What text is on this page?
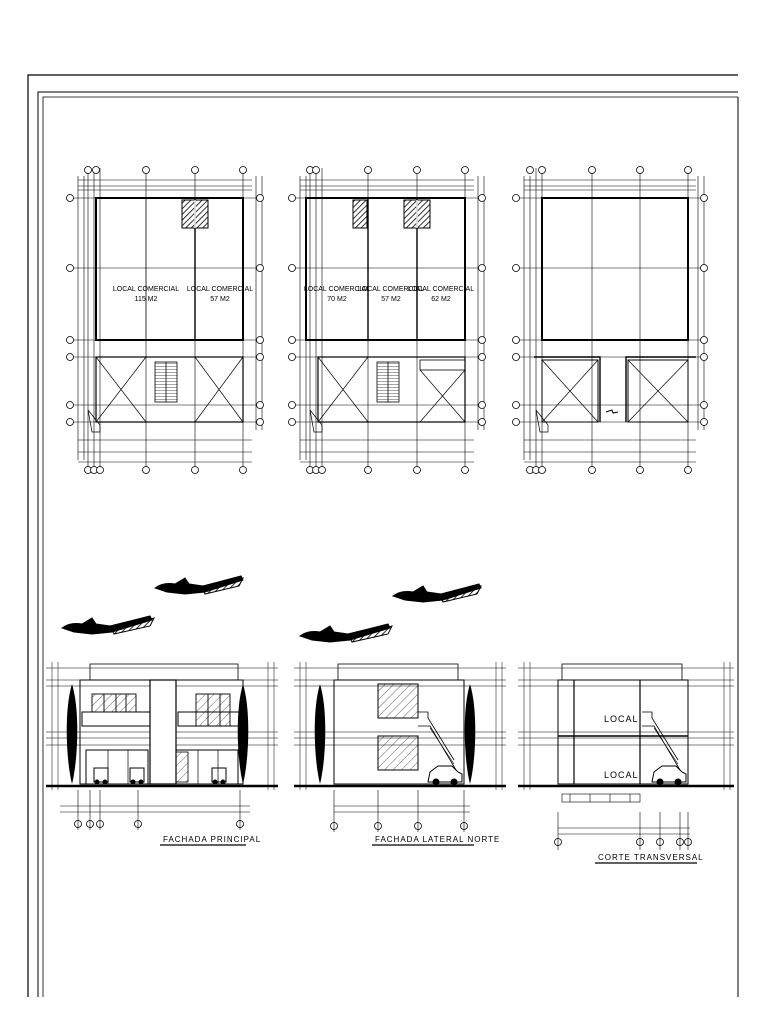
LOCAL COMERCIAL
115 M2
LOCAL COMERCIAL
57 M2
LOCAL COMERCIAL
70 M2
LOCAL COMERCIAL
57 M2
LOCAL COMERCIAL
62 M2
LOCAL
LOCAL
FACHADA PRINCIPAL	FACHADA LATERAL NORTE
CORTE TRANSVERSAL
